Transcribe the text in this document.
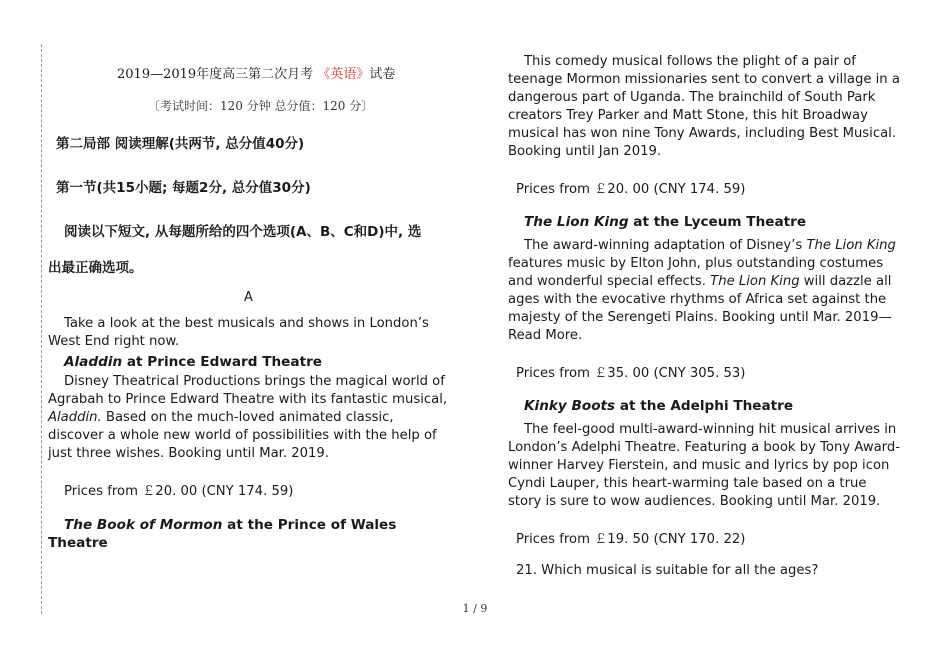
2019—2019年度高三第二次月考 《英语》试卷
〔考试时间：120 分钟 总分值：120 分〕
第二局部 阅读理解(共两节, 总分值40分)
第一节(共15小题; 每题2分, 总分值30分)
阅读以下短文, 从每题所给的四个选项(A、B、C和D)中, 选
出最正确选项。
A

Take a look at the best musicals and shows in London’s West End right now.

Aladdin at Prince Edward Theatre

Disney Theatrical Productions brings the magical world of Agrabah to Prince Edward Theatre with its fantastic musical, Aladdin. Based on the much-loved animated classic, discover a whole new world of possibilities with the help of just three wishes. Booking until Mar. 2019.

Prices from ￡20. 00 (CNY 174. 59)

The Book of Mormon at the Prince of Wales Theatre

This comedy musical follows the plight of a pair of teenage Mormon missionaries sent to convert a village in a dangerous part of Uganda. The brainchild of South Park creators Trey Parker and Matt Stone, this hit Broadway musical has won nine Tony Awards, including Best Musical. Booking until Jan 2019.

Prices from ￡20. 00 (CNY 174. 59)

The Lion King at the Lyceum Theatre

The award-winning adaptation of Disney’s The Lion King features music by Elton John, plus outstanding costumes and wonderful special effects. The Lion King will dazzle all ages with the evocative rhythms of Africa set against the majesty of the Serengeti Plains. Booking until Mar. 2019— Read More.

Prices from ￡35. 00 (CNY 305. 53)

Kinky Boots at the Adelphi Theatre

The feel-good multi-award-winning hit musical arrives in London’s Adelphi Theatre. Featuring a book by Tony Award-winner Harvey Fierstein, and music and lyrics by pop icon Cyndi Lauper, this heart-warming tale based on a true story is sure to wow audiences. Booking until Mar. 2019.

Prices from ￡19. 50 (CNY 170. 22)
21. Which musical is suitable for all the ages?
1 / 9
